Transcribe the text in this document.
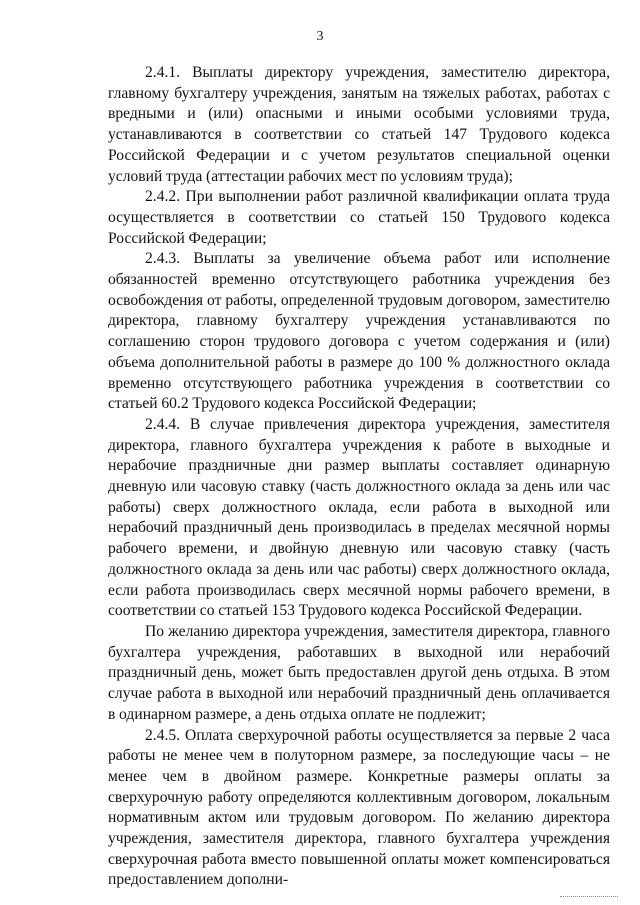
3

2.4.1. Выплаты директору учреждения, заместителю директора, главному бухгалтеру учреждения, занятым на тяжелых работах, работах с вредными и (или) опасными и иными особыми условиями труда, устанавливаются в соответствии со статьей 147 Трудового кодекса Российской Федерации и с учетом результатов специальной оценки условий труда (аттестации рабочих мест по условиям труда);

2.4.2. При выполнении работ различной квалификации оплата труда осуществляется в соответствии со статьей 150 Трудового кодекса Российской Федерации;

2.4.3. Выплаты за увеличение объема работ или исполнение обязанностей временно отсутствующего работника учреждения без освобождения от работы, определенной трудовым договором, заместителю директора, главному бухгалтеру учреждения устанавливаются по соглашению сторон трудового договора с учетом содержания и (или) объема дополнительной работы в размере до 100 % должностного оклада временно отсутствующего работника учреждения в соответствии со статьей 60.2 Трудового кодекса Российской Федерации;

2.4.4. В случае привлечения директора учреждения, заместителя директора, главного бухгалтера учреждения к работе в выходные и нерабочие праздничные дни размер выплаты составляет одинарную дневную или часовую ставку (часть должностного оклада за день или час работы) сверх должностного оклада, если работа в выходной или нерабочий праздничный день производилась в пределах месячной нормы рабочего времени, и двойную дневную или часовую ставку (часть должностного оклада за день или час работы) сверх должностного оклада, если работа производилась сверх месячной нормы рабочего времени, в соответствии со статьей 153 Трудового кодекса Российской Федерации.

По желанию директора учреждения, заместителя директора, главного бухгалтера учреждения, работавших в выходной или нерабочий праздничный день, может быть предоставлен другой день отдыха. В этом случае работа в выходной или нерабочий праздничный день оплачивается в одинарном размере, а день отдыха оплате не подлежит;

2.4.5. Оплата сверхурочной работы осуществляется за первые 2 часа работы не менее чем в полуторном размере, за последующие часы – не менее чем в двойном размере. Конкретные размеры оплаты за сверхурочную работу определяются коллективным договором, локальным нормативным актом или трудовым договором. По желанию директора учреждения, заместителя директора, главного бухгалтера учреждения сверхурочная работа вместо повышенной оплаты может компенсироваться предоставлением дополни-
